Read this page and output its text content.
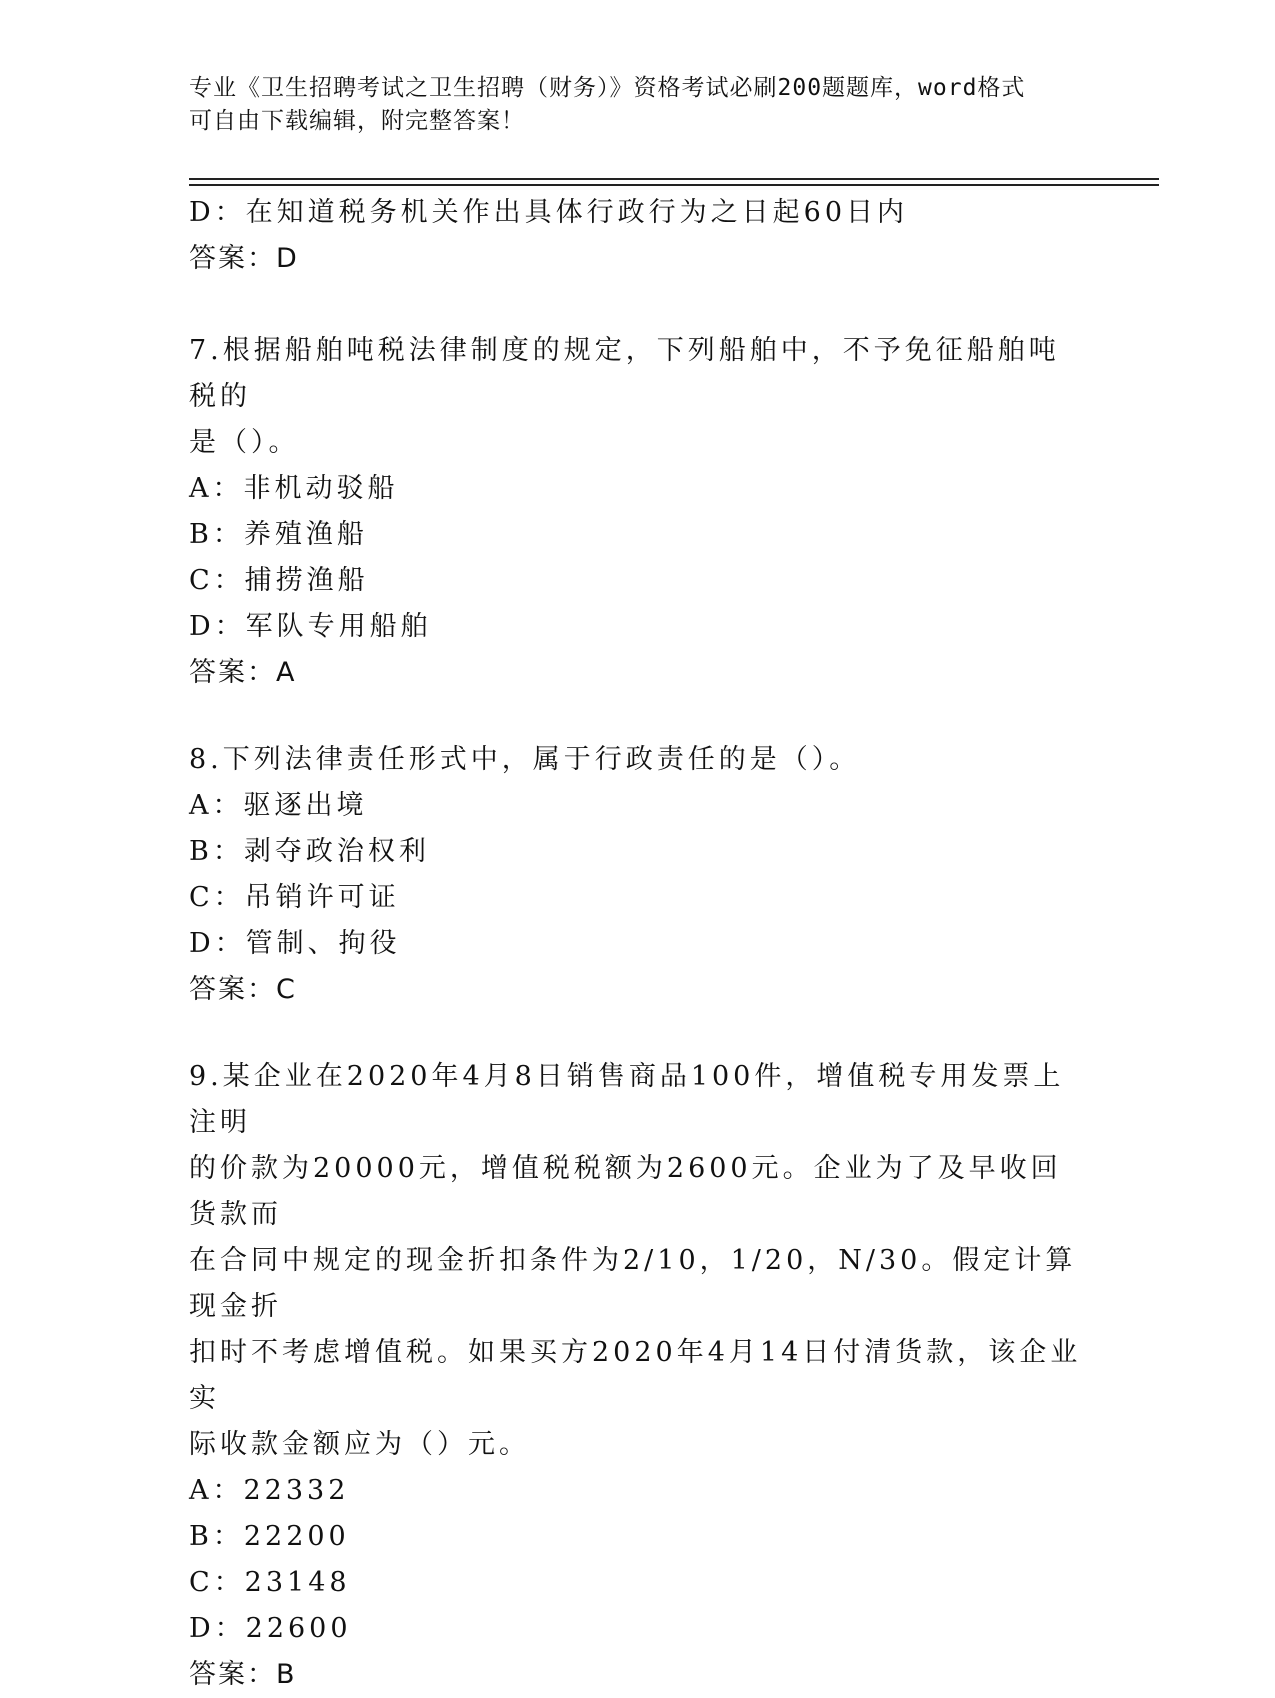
专业《卫生招聘考试之卫生招聘（财务）》资格考试必刷200题题库，word格式
可自由下载编辑，附完整答案！
D：在知道税务机关作出具体行政行为之日起60日内
答案：D
7.根据船舶吨税法律制度的规定，下列船舶中，不予免征船舶吨税的
是（）。
A：非机动驳船
B：养殖渔船
C：捕捞渔船
D：军队专用船舶
答案：A
8.下列法律责任形式中，属于行政责任的是（）。
A：驱逐出境
B：剥夺政治权利
C：吊销许可证
D：管制、拘役
答案：C
9.某企业在2020年4月8日销售商品100件，增值税专用发票上注明
的价款为20000元，增值税税额为2600元。企业为了及早收回货款而
在合同中规定的现金折扣条件为2/10，1/20，N/30。假定计算现金折
扣时不考虑增值税。如果买方2020年4月14日付清货款，该企业实
际收款金额应为（）元。
A：22332
B：22200
C：23148
D：22600
答案：B
